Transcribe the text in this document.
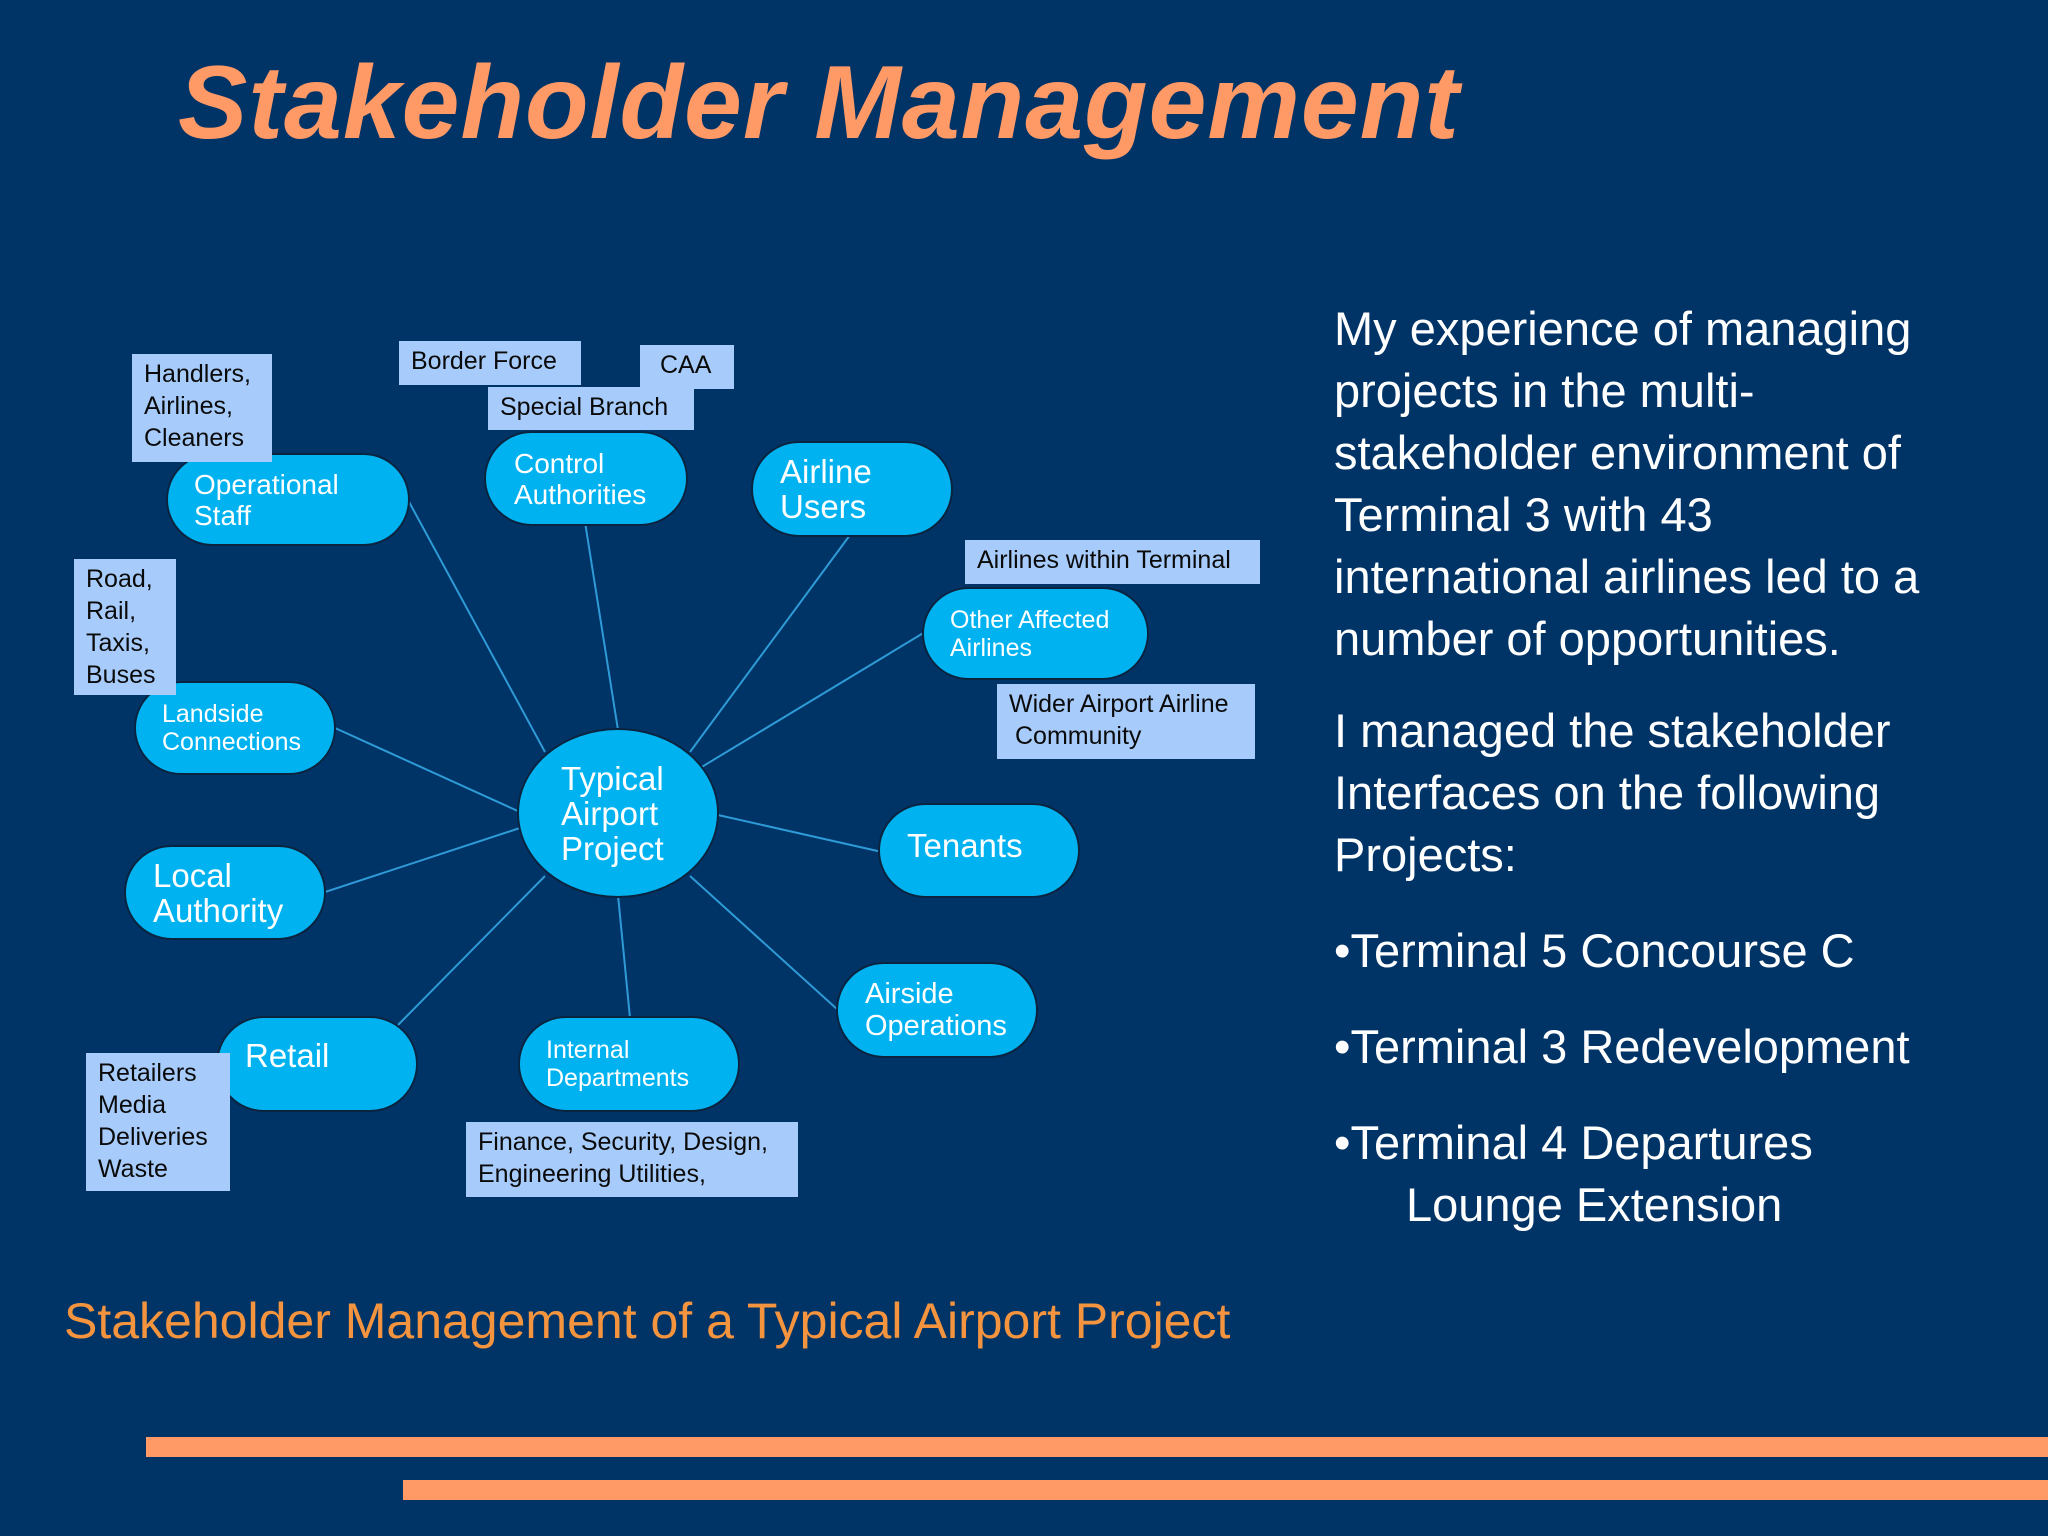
Stakeholder Management
Operational
Staff
Control
Authorities
Airline
Users
Other Affected
Airlines
Landside
Connections
Typical
Airport
Project	Tenants
Local
Authority
Airside
Operations
Retail	Internal
Departments
Handlers,
Airlines,
Cleaners
Border Force	CAA
Special Branch
Airlines within Terminal
Wider Airport Airline
Community
Road,
Rail,
Taxis,
Buses
Retailers
Media
Deliveries
Waste
Finance, Security, Design,
Engineering Utilities,

Stakeholder Management of a Typical Airport Project

My experience of managing
projects in the multi-
stakeholder environment of
Terminal 3 with 43
international airlines led to a
number of opportunities.

I managed the stakeholder
Interfaces on the following
Projects:

•Terminal 5 Concourse C

•Terminal 3 Redevelopment

•Terminal 4 Departures
Lounge Extension
